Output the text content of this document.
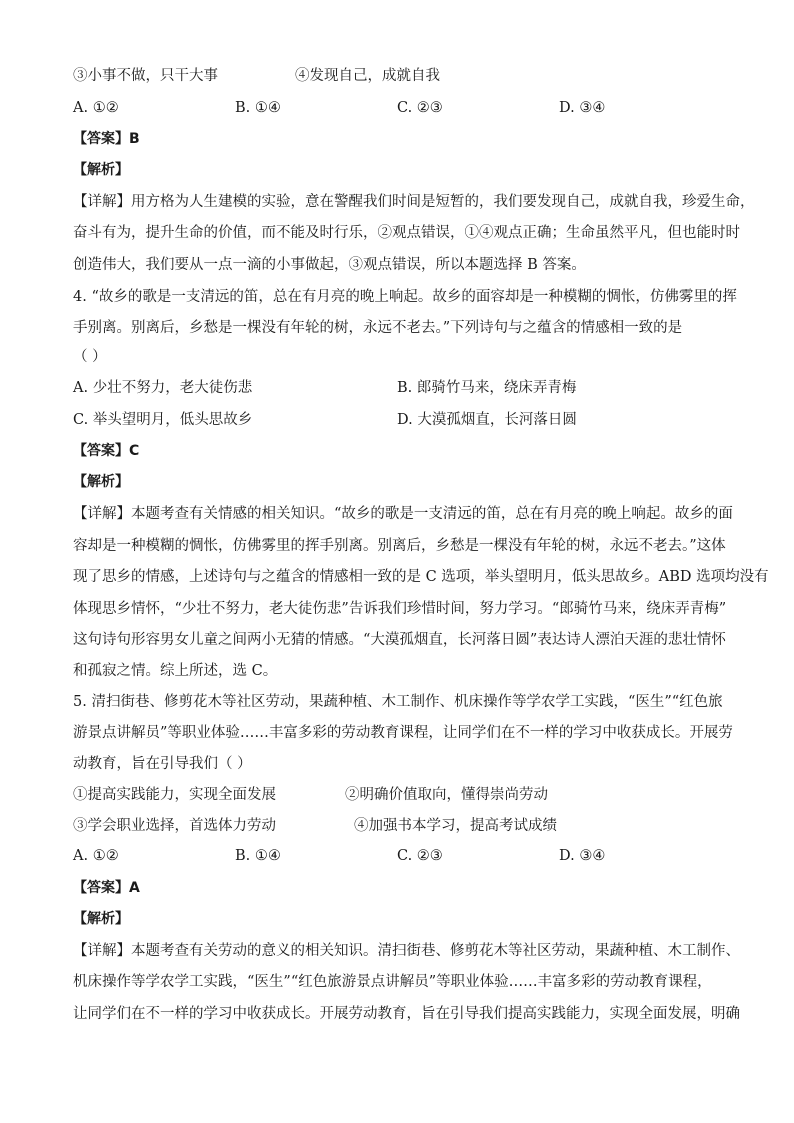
③小事不做，只干大事	④发现自己，成就自我
A. ①②	B. ①④	C. ②③	D. ③④
【答案】B
【解析】
【详解】用方格为人生建模的实验，意在警醒我们时间是短暂的，我们要发现自己，成就自我，珍爱生命，
奋斗有为，提升生命的价值，而不能及时行乐，②观点错误，①④观点正确；生命虽然平凡，但也能时时
创造伟大，我们要从一点一滴的小事做起，③观点错误，所以本题选择 B 答案。
4. “故乡的歌是一支清远的笛，总在有月亮的晚上响起。故乡的面容却是一种模糊的惆怅，仿佛雾里的挥
手别离。别离后，乡愁是一棵没有年轮的树，永远不老去。”下列诗句与之蕴含的情感相一致的是
（ ）
A. 少壮不努力，老大徒伤悲	B. 郎骑竹马来，绕床弄青梅
C. 举头望明月，低头思故乡	D. 大漠孤烟直，长河落日圆
【答案】C
【解析】
【详解】本题考查有关情感的相关知识。“故乡的歌是一支清远的笛，总在有月亮的晚上响起。故乡的面
容却是一种模糊的惆怅，仿佛雾里的挥手别离。别离后，乡愁是一棵没有年轮的树，永远不老去。”这体
现了思乡的情感，上述诗句与之蕴含的情感相一致的是 C 选项，举头望明月，低头思故乡。ABD 选项均没有
体现思乡情怀，“少壮不努力，老大徒伤悲”告诉我们珍惜时间，努力学习。“郎骑竹马来，绕床弄青梅”
这句诗句形容男女儿童之间两小无猜的情感。“大漠孤烟直，长河落日圆”表达诗人漂泊天涯的悲壮情怀
和孤寂之情。综上所述，选 C。
5. 清扫街巷、修剪花木等社区劳动，果蔬种植、木工制作、机床操作等学农学工实践，“医生”“红色旅
游景点讲解员”等职业体验……丰富多彩的劳动教育课程，让同学们在不一样的学习中收获成长。开展劳
动教育，旨在引导我们（ ）
①提高实践能力，实现全面发展	②明确价值取向，懂得崇尚劳动
③学会职业选择，首选体力劳动	④加强书本学习，提高考试成绩
A. ①②	B. ①④	C. ②③	D. ③④
【答案】A
【解析】
【详解】本题考查有关劳动的意义的相关知识。清扫街巷、修剪花木等社区劳动，果蔬种植、木工制作、
机床操作等学农学工实践，“医生”“红色旅游景点讲解员”等职业体验……丰富多彩的劳动教育课程，
让同学们在不一样的学习中收获成长。开展劳动教育，旨在引导我们提高实践能力，实现全面发展，明确
